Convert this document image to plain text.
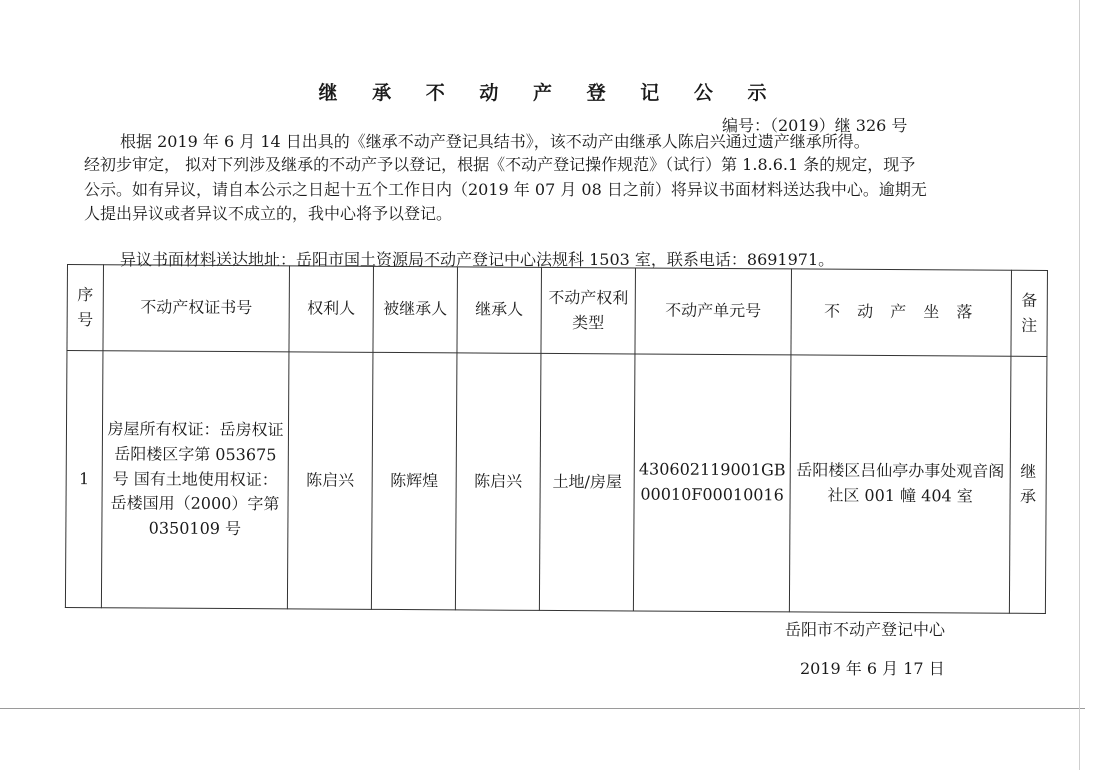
继 承 不 动 产 登 记 公 示
编号：（2019）继 326 号
根据 2019 年 6 月 14 日出具的《继承不动产登记具结书》，该不动产由继承人陈启兴通过遗产继承所得。
经初步审定， 拟对下列涉及继承的不动产予以登记，根据《不动产登记操作规范》（试行）第 1.8.6.1 条的规定，现予
公示。如有异议，请自本公示之日起十五个工作日内（2019 年 07 月 08 日之前）将异议书面材料送达我中心。逾期无
人提出异议或者异议不成立的，我中心将予以登记。
异议书面材料送达地址：岳阳市国土资源局不动产登记中心法规科 1503 室，联系电话：8691971。
序号	不动产权证书号	权利人	被继承人	继承人	不动产权利类型	不动产单元号	不 动 产 坐 落	备注
1	房屋所有权证：岳房权证岳阳楼区字第 053675 号 国有土地使用权证：岳楼国用（2000）字第 0350109 号	陈启兴	陈辉煌	陈启兴	土地/房屋	430602119001GB00010F00010016	岳阳楼区吕仙亭办事处观音阁社区 001 幢 404 室	继承
岳阳市不动产登记中心
2019 年 6 月 17 日
